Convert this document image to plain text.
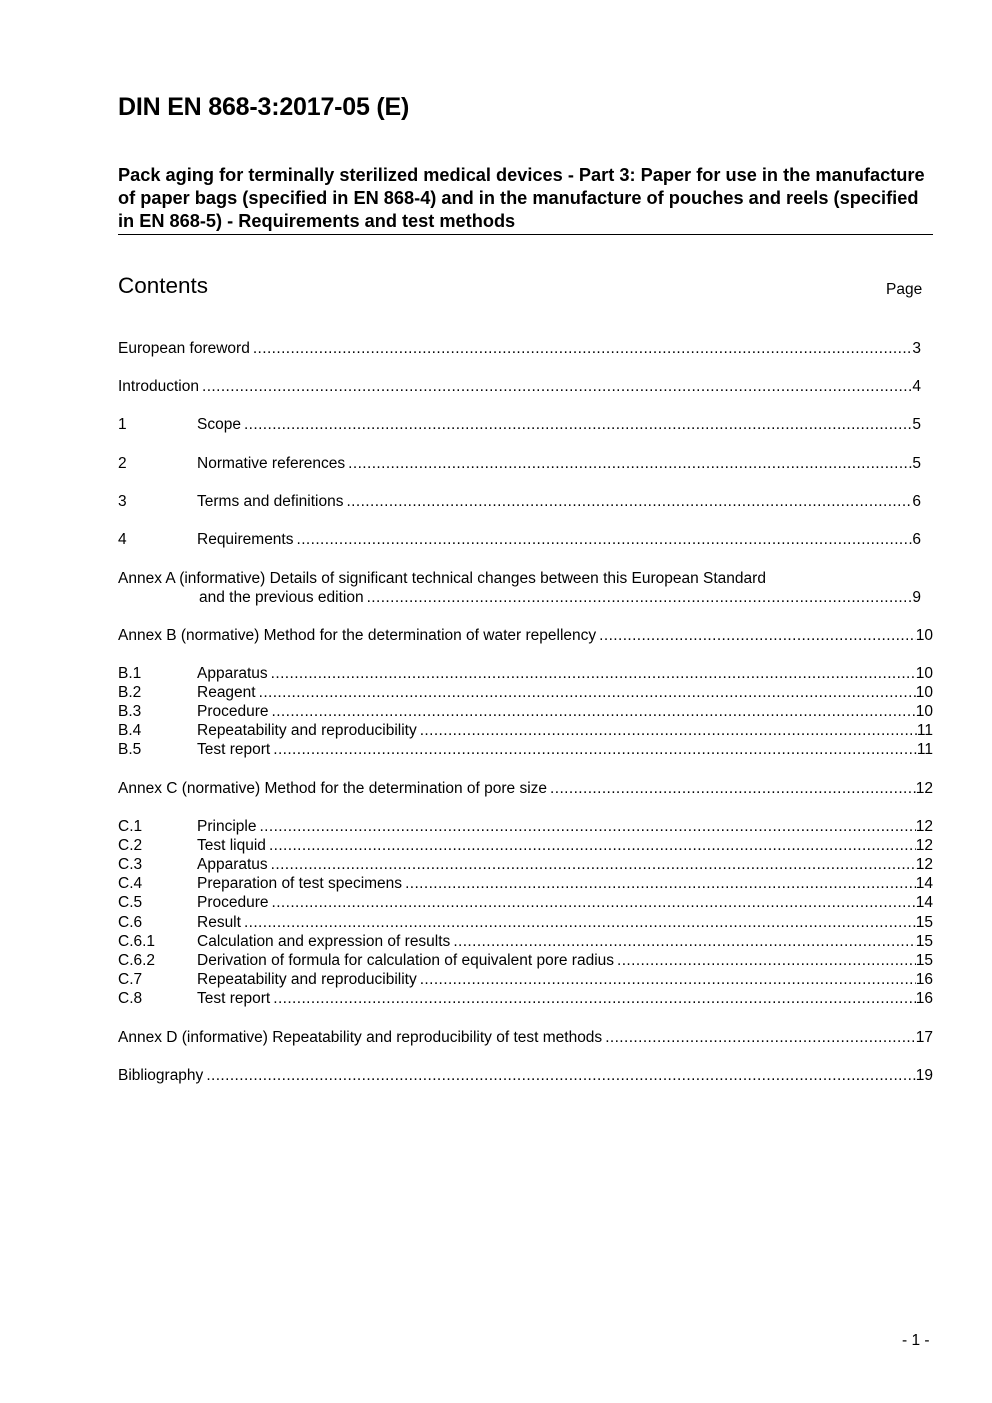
DIN EN 868-3:2017-05 (E)
Pack aging for terminally sterilized medical devices - Part 3: Paper for use in the manufacture of paper bags (specified in EN 868-4) and in the manufacture of pouches and reels (specified in EN 868-5) - Requirements and test methods
Contents	Page
European foreword .....	3
Introduction .....	4
1	Scope .....	5
2	Normative references .....	5
3	Terms and definitions .....	6
4	Requirements .....	6
Annex A (informative) Details of significant technical changes between this European Standard
and the previous edition .....	9
Annex B (normative) Method for the determination of water repellency .....	10
B.1	Apparatus .....	10
B.2	Reagent .....	10
B.3	Procedure .....	10
B.4	Repeatability and reproducibility .....	11
B.5	Test report .....	11
Annex C (normative) Method for the determination of pore size .....	12
C.1	Principle .....	12
C.2	Test liquid .....	12
C.3	Apparatus .....	12
C.4	Preparation of test specimens .....	14
C.5	Procedure .....	14
C.6	Result .....	15
C.6.1	Calculation and expression of results .....	15
C.6.2	Derivation of formula for calculation of equivalent pore radius .....	15
C.7	Repeatability and reproducibility .....	16
C.8	Test report .....	16
Annex D (informative) Repeatability and reproducibility of test methods .....	17
Bibliography .....	19
- 1 -
